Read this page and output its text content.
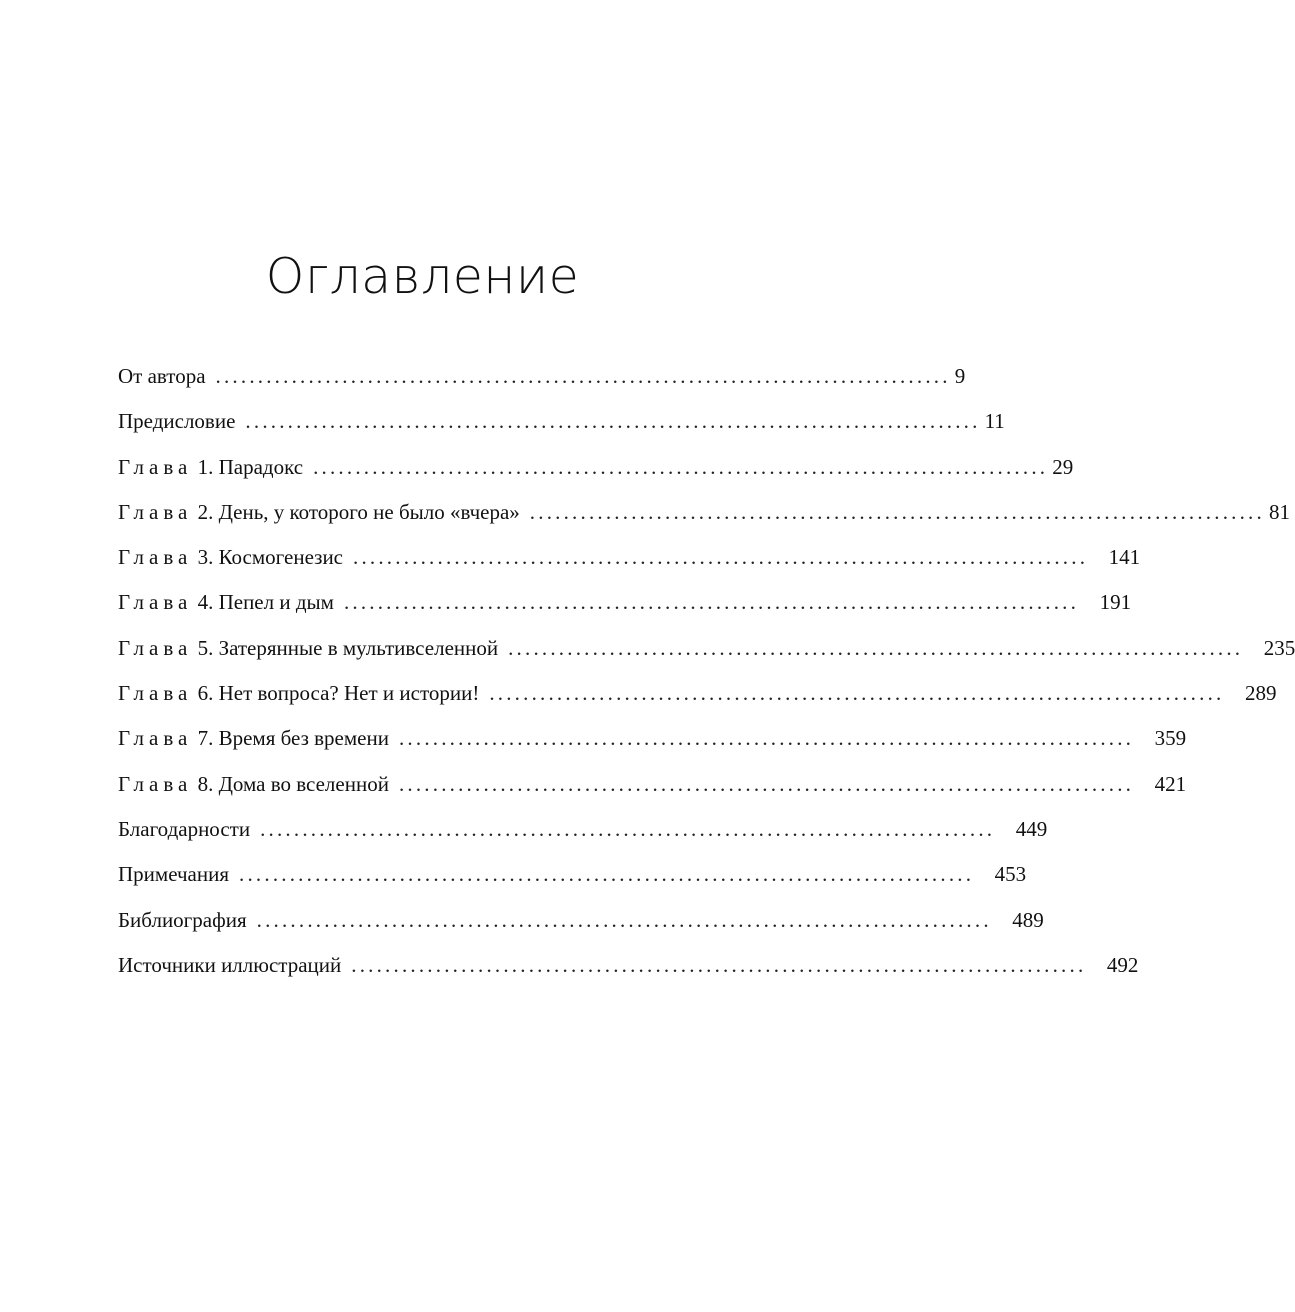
Оглавление
От автора ....................................................................................... 9
Предисловие ....................................................................................... 11
Глава 1. Парадокс ....................................................................................... 29
Глава 2. День, у которого не было «вчера» ....................................................................................... 81
Глава 3. Космогенезис ....................................................................................... 141
Глава 4. Пепел и дым ....................................................................................... 191
Глава 5. Затерянные в мультивселенной ....................................................................................... 235
Глава 6. Нет вопроса? Нет и истории! ....................................................................................... 289
Глава 7. Время без времени ....................................................................................... 359
Глава 8. Дома во вселенной ....................................................................................... 421
Благодарности ....................................................................................... 449
Примечания ....................................................................................... 453
Библиография ....................................................................................... 489
Источники иллюстраций ....................................................................................... 492
